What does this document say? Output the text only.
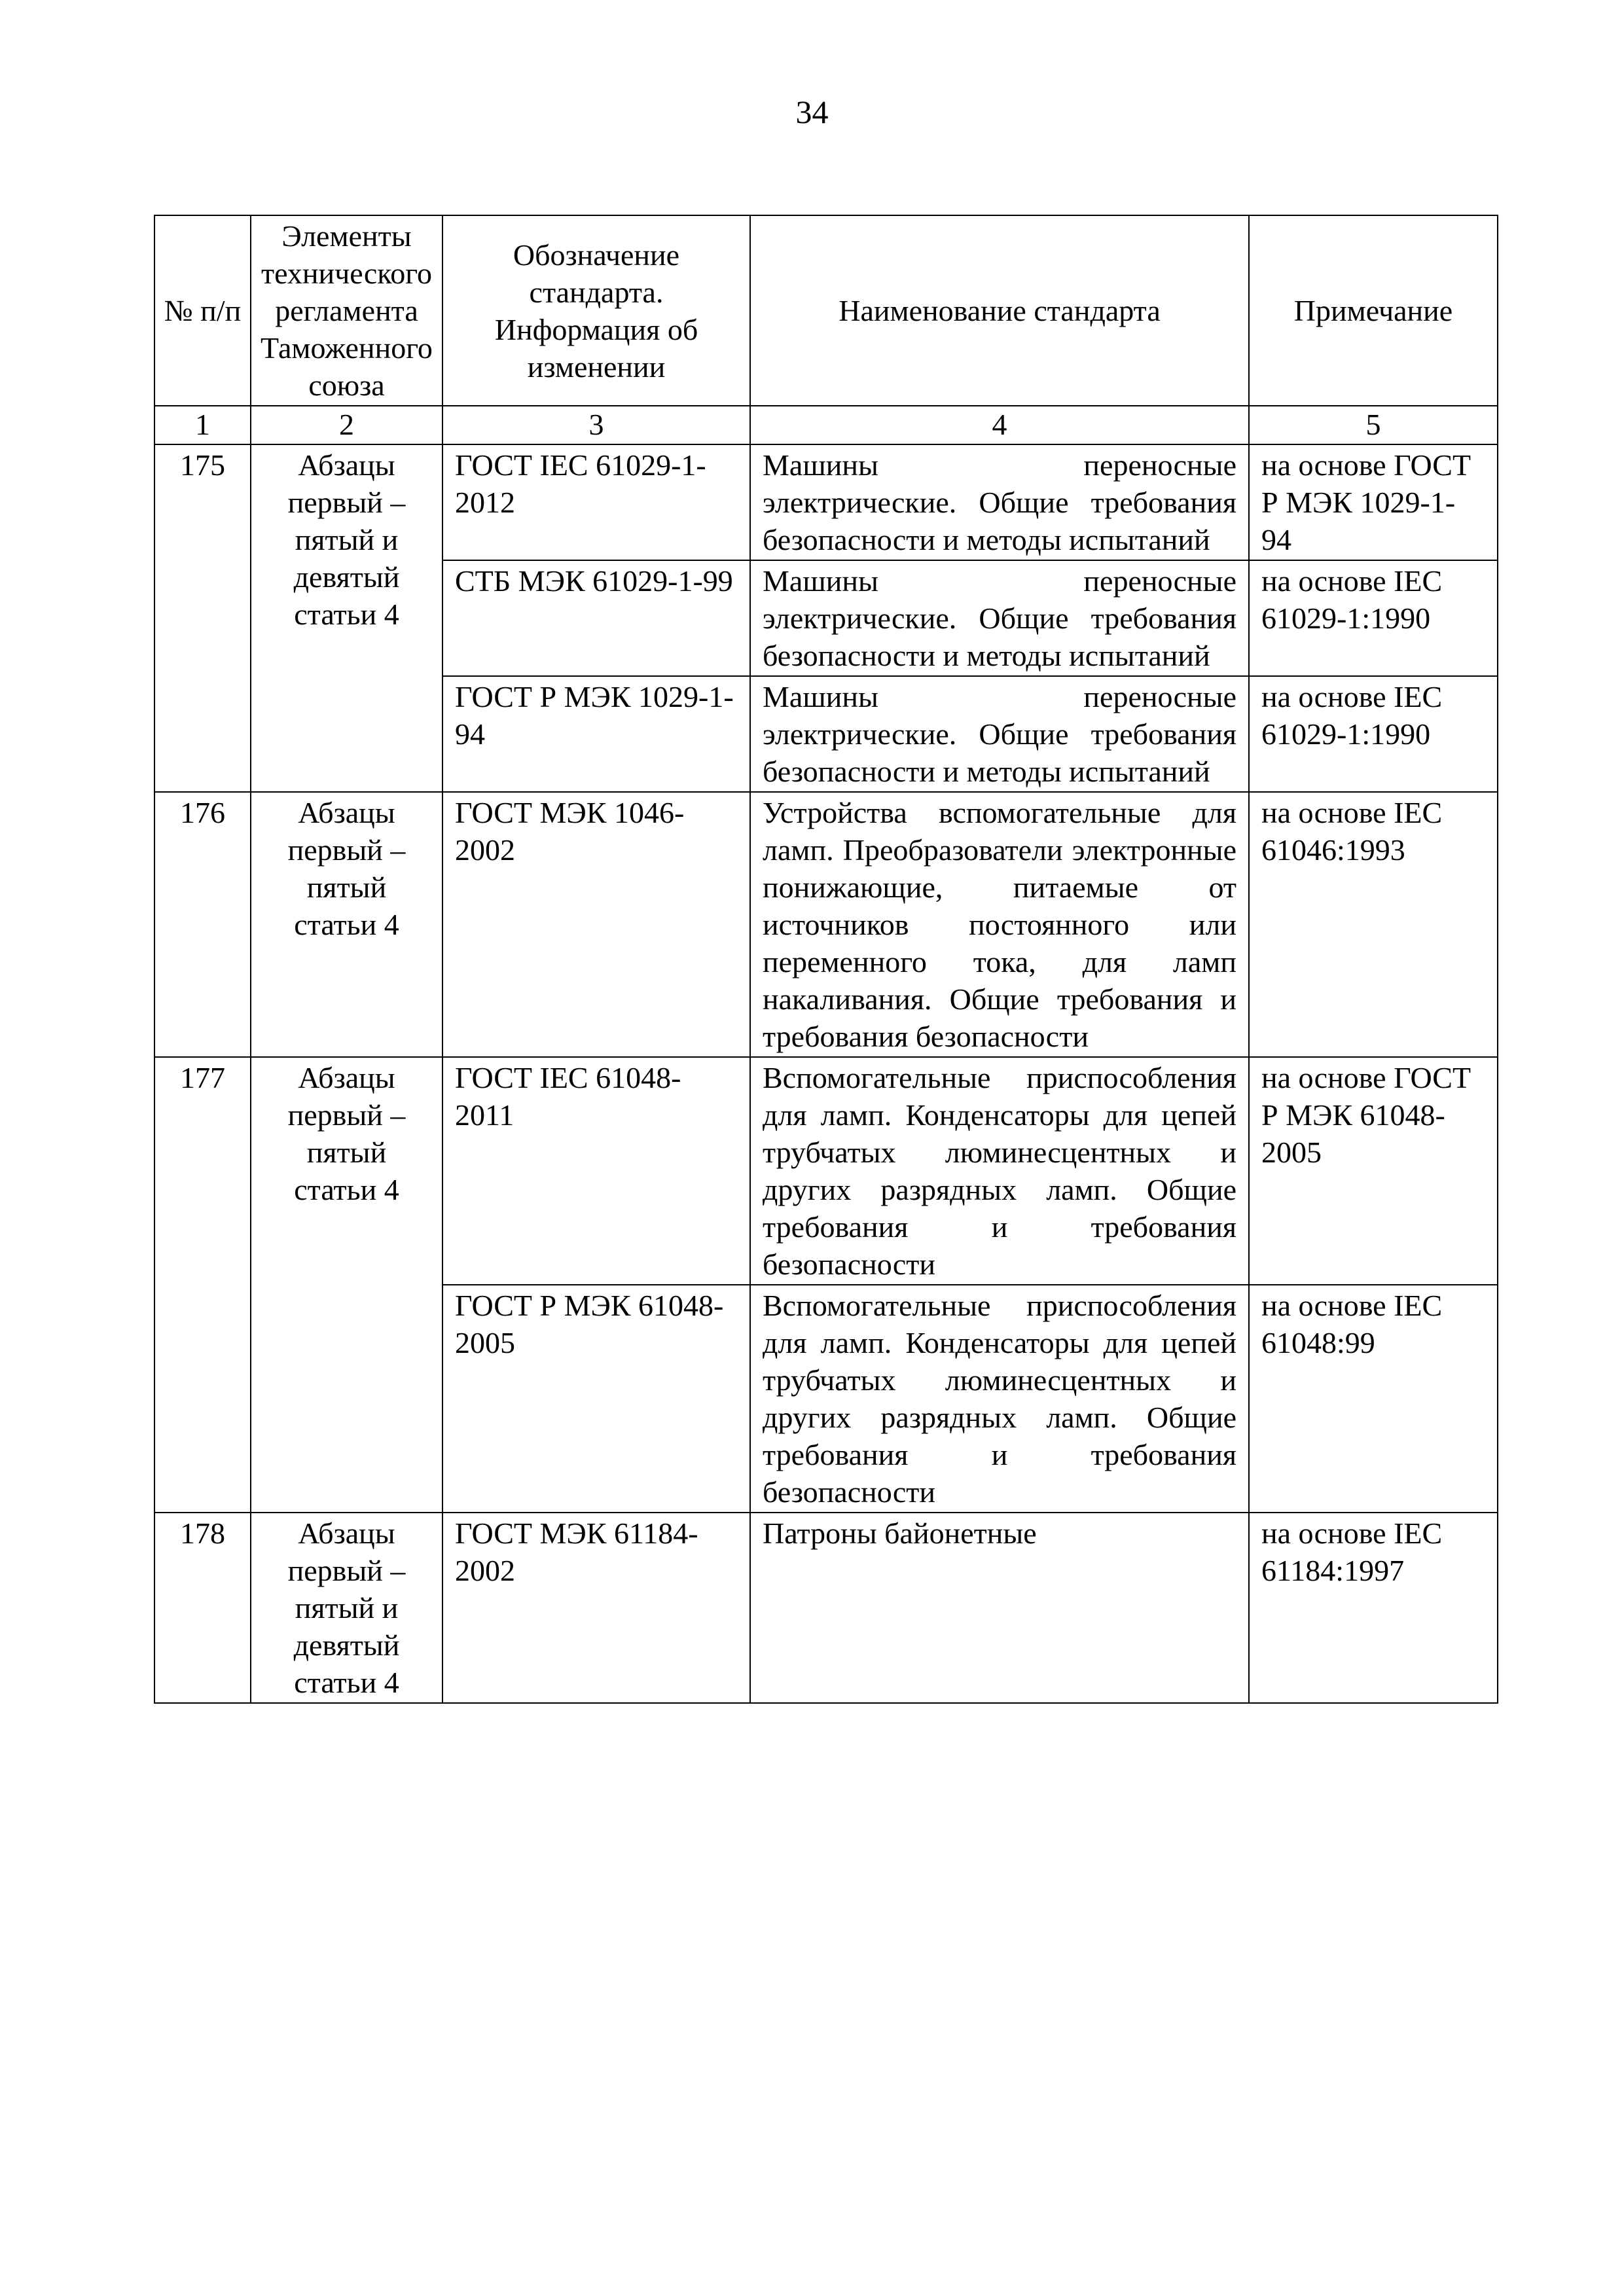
34
№ п/п	Элементы технического регламента Таможенного союза	Обозначение стандарта. Информация об изменении	Наименование стандарта	Примечание
1	2	3	4	5
175	Абзацы первый – пятый и девятый статьи 4	ГОСТ IEC 61029-1-2012	Машины переносные электрические. Общие требования безопасности и методы испытаний	на основе ГОСТ Р МЭК 1029-1-94
		СТБ МЭК 61029-1-99	Машины переносные электрические. Общие требования безопасности и методы испытаний	на основе IEC 61029-1:1990
		ГОСТ Р МЭК 1029-1-94	Машины переносные электрические. Общие требования безопасности и методы испытаний	на основе IEC 61029-1:1990
176	Абзацы первый – пятый статьи 4	ГОСТ МЭК 1046-2002	Устройства вспомогательные для ламп. Преобразователи электронные понижающие, питаемые от источников постоянного или переменного тока, для ламп накаливания. Общие требования и требования безопасности	на основе IEC 61046:1993
177	Абзацы первый – пятый статьи 4	ГОСТ IEC 61048-2011	Вспомогательные приспособления для ламп. Конденсаторы для цепей трубчатых люминесцентных и других разрядных ламп. Общие требования и требования безопасности	на основе ГОСТ Р МЭК 61048-2005
		ГОСТ Р МЭК 61048-2005	Вспомогательные приспособления для ламп. Конденсаторы для цепей трубчатых люминесцентных и других разрядных ламп. Общие требования и требования безопасности	на основе IEC 61048:99
178	Абзацы первый – пятый и девятый статьи 4	ГОСТ МЭК 61184-2002	Патроны байонетные	на основе IEC 61184:1997
